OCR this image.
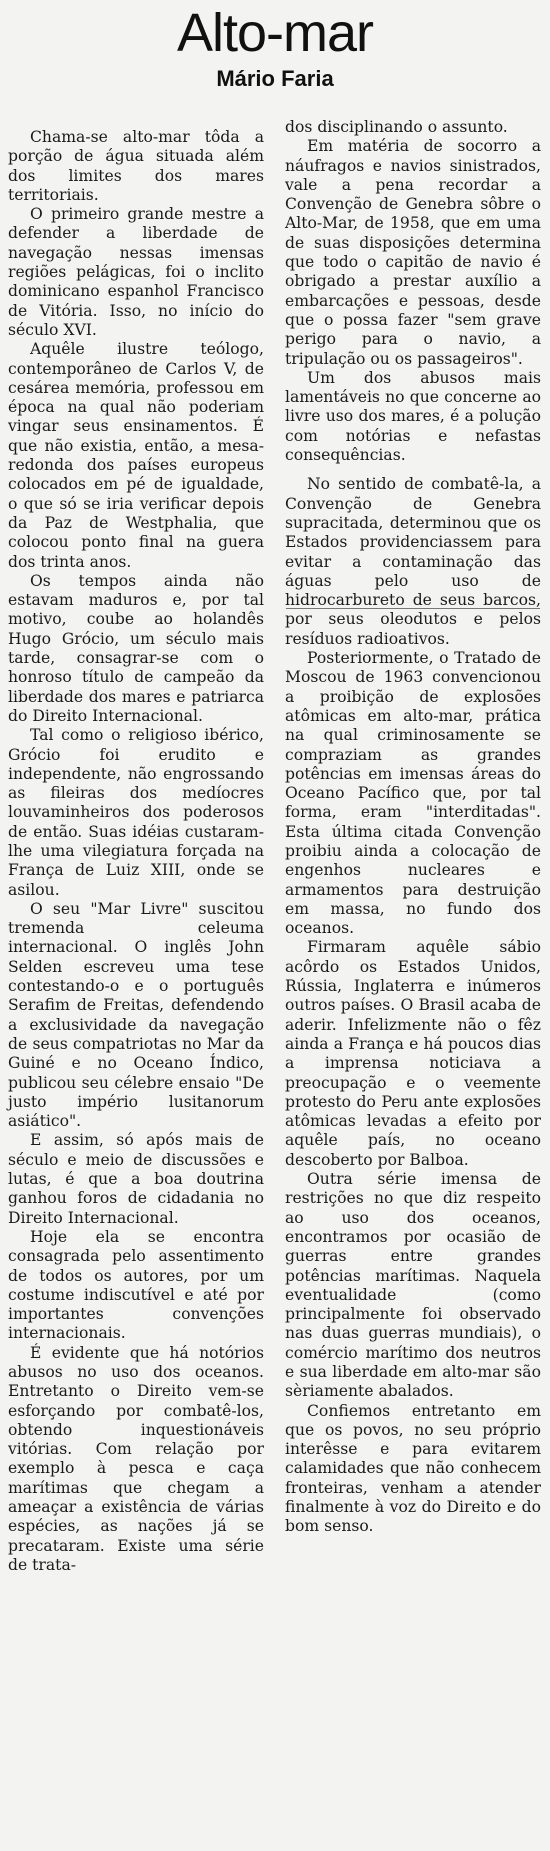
Alto-mar
Mário Faria

Chama-se alto-mar tôda a porção de água situada além dos limites dos mares territoriais.

O primeiro grande mestre a defender a liberdade de navegação nessas imensas regiões pelágicas, foi o inclito dominicano espanhol Francisco de Vitória. Isso, no início do século XVI.

Aquêle ilustre teólogo, contemporâneo de Carlos V, de cesárea memória, professou em época na qual não poderiam vingar seus ensinamentos. É que não existia, então, a mesa-redonda dos países europeus colocados em pé de igualdade, o que só se iria verificar depois da Paz de Westphalia, que colocou ponto final na guera dos trinta anos.

Os tempos ainda não estavam maduros e, por tal motivo, coube ao holandês Hugo Grócio, um século mais tarde, consagrar-se com o honroso título de campeão da liberdade dos mares e patriarca do Direito Internacional.

Tal como o religioso ibérico, Grócio foi erudito e independente, não engrossando as fileiras dos medíocres louvaminheiros dos poderosos de então. Suas idéias custaram-lhe uma vilegiatura forçada na França de Luiz XIII, onde se asilou.

O seu "Mar Livre" suscitou tremenda celeuma internacional. O inglês John Selden escreveu uma tese contestando-o e o português Serafim de Freitas, defendendo a exclusividade da navegação de seus compatriotas no Mar da Guiné e no Oceano Índico, publicou seu célebre ensaio "De justo império lusitanorum asiático".

E assim, só após mais de século e meio de discussões e lutas, é que a boa doutrina ganhou foros de cidadania no Direito Internacional.

Hoje ela se encontra consagrada pelo assentimento de todos os autores, por um costume indiscutível e até por importantes convenções internacionais.

É evidente que há notórios abusos no uso dos oceanos. Entretanto o Direito vem-se esforçando por combatê-los, obtendo inquestionáveis vitórias. Com relação por exemplo à pesca e caça marítimas que chegam a ameaçar a existência de várias espécies, as nações já se precataram. Existe uma série de trata-

dos disciplinando o assunto.

Em matéria de socorro a náufragos e navios sinistrados, vale a pena recordar a Convenção de Genebra sôbre o Alto-Mar, de 1958, que em uma de suas disposições determina que todo o capitão de navio é obrigado a prestar auxílio a embarcações e pessoas, desde que o possa fazer "sem grave perigo para o navio, a tripulação ou os passageiros".

Um dos abusos mais lamentáveis no que concerne ao livre uso dos mares, é a polução com notórias e nefastas consequências.

No sentido de combatê-la, a Convenção de Genebra supracitada, determinou que os Estados providenciassem para evitar a contaminação das águas pelo uso de hidrocarbureto de seus barcos, por seus oleodutos e pelos resíduos radioativos.

Posteriormente, o Tratado de Moscou de 1963 convencionou a proibição de explosões atômicas em alto-mar, prática na qual criminosamente se compraziam as grandes potências em imensas áreas do Oceano Pacífico que, por tal forma, eram "interditadas". Esta última citada Convenção proibiu ainda a colocação de engenhos nucleares e armamentos para destruição em massa, no fundo dos oceanos.

Firmaram aquêle sábio acôrdo os Estados Unidos, Rússia, Inglaterra e inúmeros outros países. O Brasil acaba de aderir. Infelizmente não o fêz ainda a França e há poucos dias a imprensa noticiava a preocupação e o veemente protesto do Peru ante explosões atômicas levadas a efeito por aquêle país, no oceano descoberto por Balboa.

Outra série imensa de restrições no que diz respeito ao uso dos oceanos, encontramos por ocasião de guerras entre grandes potências marítimas. Naquela eventualidade (como principalmente foi observado nas duas guerras mundiais), o comércio marítimo dos neutros e sua liberdade em alto-mar são sèriamente abalados.

Confiemos entretanto em que os povos, no seu próprio interêsse e para evitarem calamidades que não conhecem fronteiras, venham a atender finalmente à voz do Direito e do bom senso.
